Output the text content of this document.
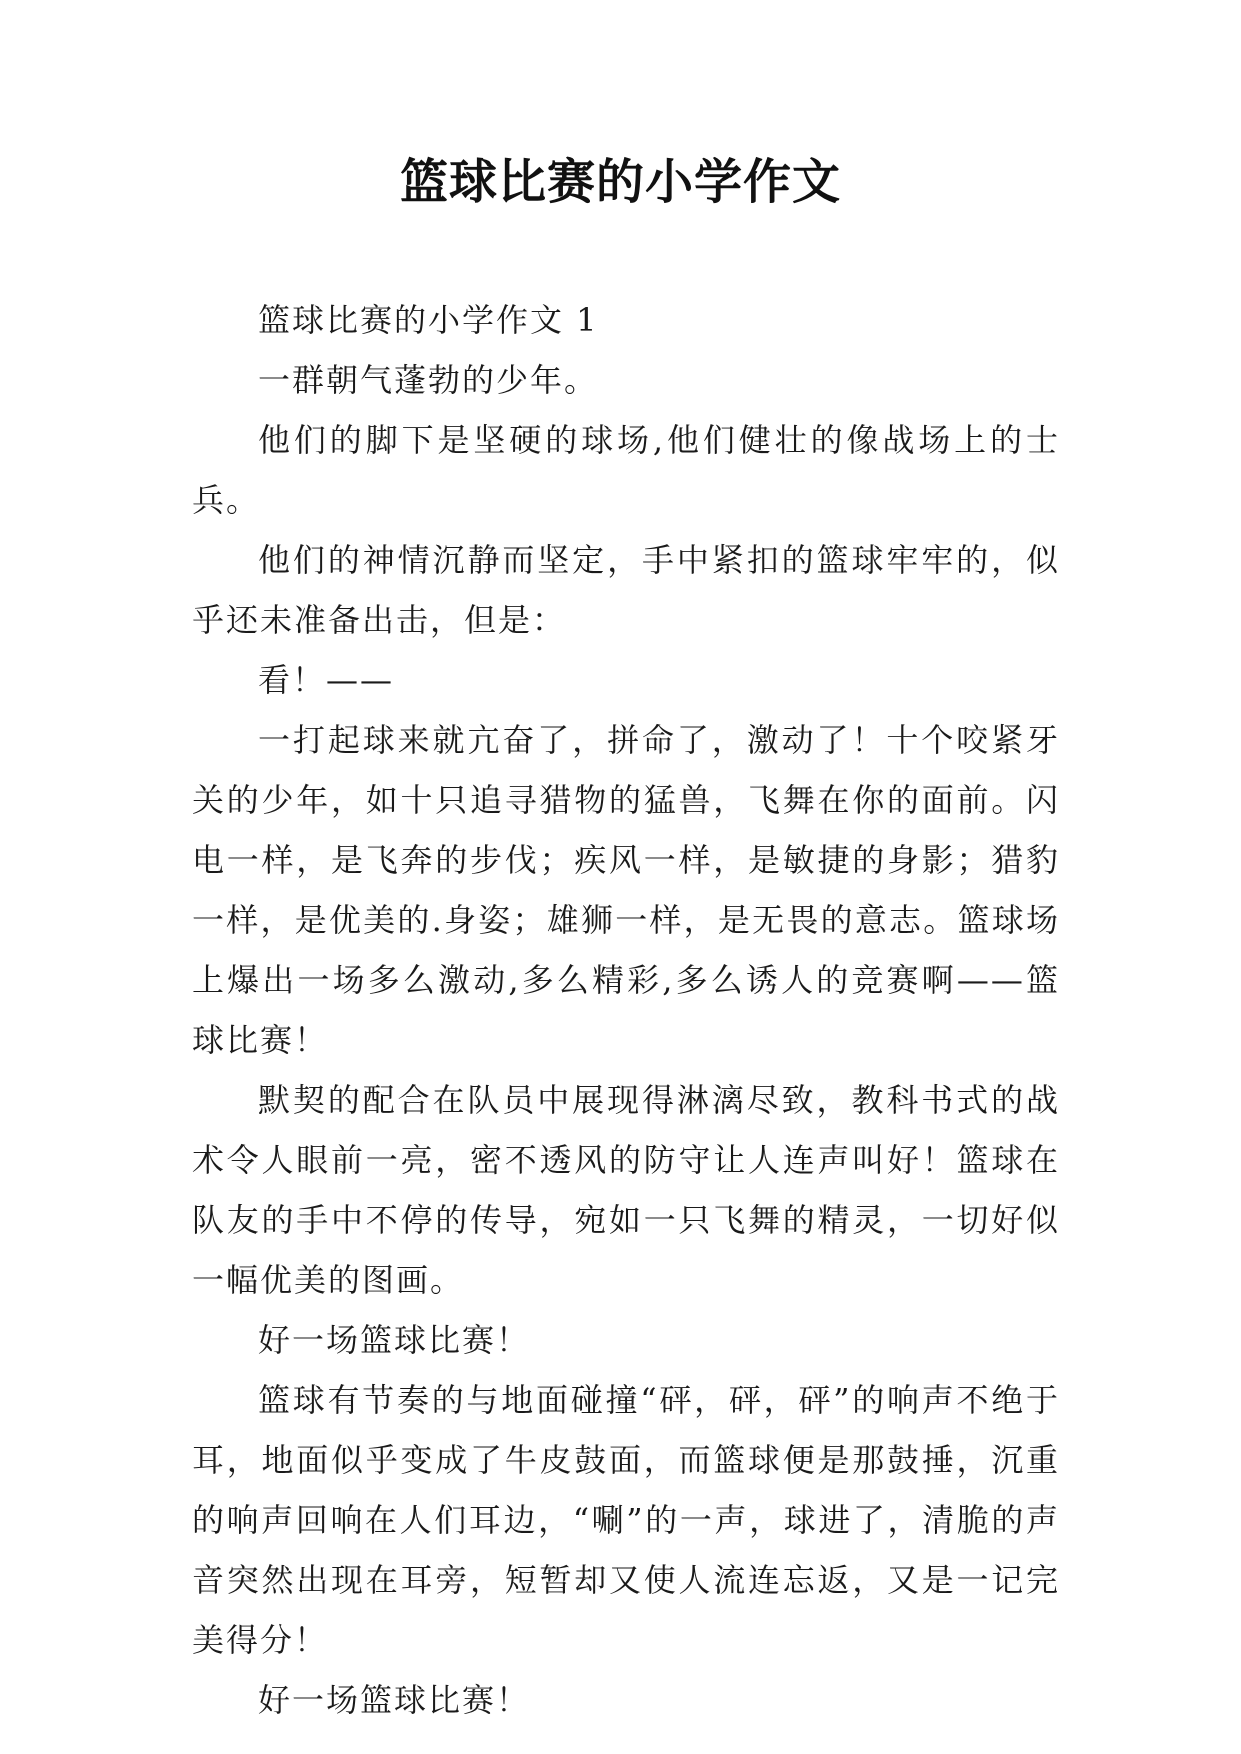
篮球比赛的小学作文

篮球比赛的小学作文 1

一群朝气蓬勃的少年。

他们的脚下是坚硬的球场,他们健壮的像战场上的士兵。

他们的神情沉静而坚定，手中紧扣的篮球牢牢的，似乎还未准备出击，但是：

看！——

一打起球来就亢奋了，拼命了，激动了！十个咬紧牙关的少年，如十只追寻猎物的猛兽，飞舞在你的面前。闪电一样，是飞奔的步伐；疾风一样，是敏捷的身影；猎豹一样，是优美的.身姿；雄狮一样，是无畏的意志。篮球场上爆出一场多么激动,多么精彩,多么诱人的竞赛啊——篮球比赛！

默契的配合在队员中展现得淋漓尽致，教科书式的战术令人眼前一亮，密不透风的防守让人连声叫好！篮球在队友的手中不停的传导，宛如一只飞舞的精灵，一切好似一幅优美的图画。

好一场篮球比赛！

篮球有节奏的与地面碰撞“砰，砰，砰”的响声不绝于耳，地面似乎变成了牛皮鼓面，而篮球便是那鼓捶，沉重的响声回响在人们耳边，“唰”的一声，球进了，清脆的声音突然出现在耳旁，短暂却又使人流连忘返，又是一记完美得分！

好一场篮球比赛！
